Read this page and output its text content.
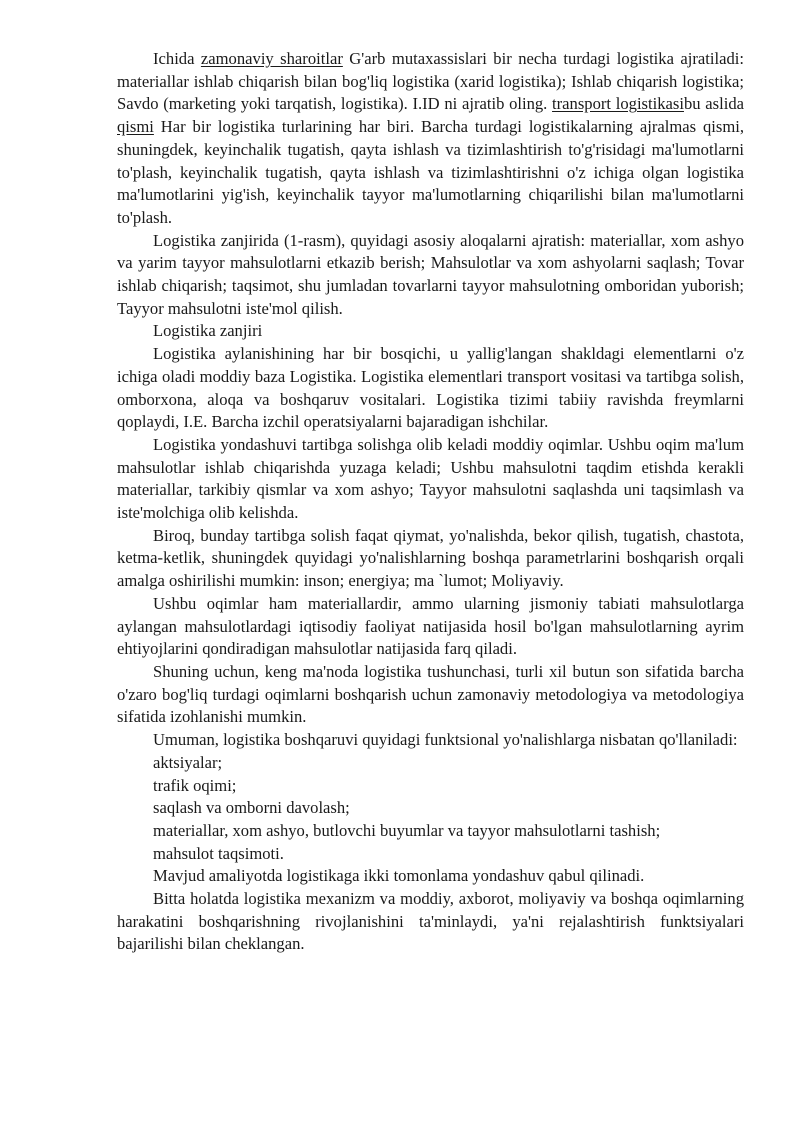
Ichida zamonaviy sharoitlar G'arb mutaxassislari bir necha turdagi logistika ajratiladi: materiallar ishlab chiqarish bilan bog'liq logistika (xarid logistika); Ishlab chiqarish logistika; Savdo (marketing yoki tarqatish, logistika). I.ID ni ajratib oling. transport logistikasibu aslida qismi Har bir logistika turlarining har biri. Barcha turdagi logistikalarning ajralmas qismi, shuningdek, keyinchalik tugatish, qayta ishlash va tizimlashtirish to'g'risidagi ma'lumotlarni to'plash, keyinchalik tugatish, qayta ishlash va tizimlashtirishni o'z ichiga olgan logistika ma'lumotlarini yig'ish, keyinchalik tayyor ma'lumotlarning chiqarilishi bilan ma'lumotlarni to'plash.

Logistika zanjirida (1-rasm), quyidagi asosiy aloqalarni ajratish: materiallar, xom ashyo va yarim tayyor mahsulotlarni etkazib berish; Mahsulotlar va xom ashyolarni saqlash; Tovar ishlab chiqarish; taqsimot, shu jumladan tovarlarni tayyor mahsulotning omboridan yuborish; Tayyor mahsulotni iste'mol qilish.

Logistika zanjiri

Logistika aylanishining har bir bosqichi, u yallig'langan shakldagi elementlarni o'z ichiga oladi moddiy baza Logistika. Logistika elementlari transport vositasi va tartibga solish, omborxona, aloqa va boshqaruv vositalari. Logistika tizimi tabiiy ravishda freymlarni qoplaydi, I.E. Barcha izchil operatsiyalarni bajaradigan ishchilar.

Logistika yondashuvi tartibga solishga olib keladi moddiy oqimlar. Ushbu oqim ma'lum mahsulotlar ishlab chiqarishda yuzaga keladi; Ushbu mahsulotni taqdim etishda kerakli materiallar, tarkibiy qismlar va xom ashyo; Tayyor mahsulotni saqlashda uni taqsimlash va iste'molchiga olib kelishda.

Biroq, bunday tartibga solish faqat qiymat, yo'nalishda, bekor qilish, tugatish, chastota, ketma-ketlik, shuningdek quyidagi yo'nalishlarning boshqa parametrlarini boshqarish orqali amalga oshirilishi mumkin: inson; energiya; ma `lumot; Moliyaviy.

Ushbu oqimlar ham materiallardir, ammo ularning jismoniy tabiati mahsulotlarga aylangan mahsulotlardagi iqtisodiy faoliyat natijasida hosil bo'lgan mahsulotlarning ayrim ehtiyojlarini qondiradigan mahsulotlar natijasida farq qiladi.

Shuning uchun, keng ma'noda logistika tushunchasi, turli xil butun son sifatida barcha o'zaro bog'liq turdagi oqimlarni boshqarish uchun zamonaviy metodologiya va metodologiya sifatida izohlanishi mumkin.

Umuman, logistika boshqaruvi quyidagi funktsional yo'nalishlarga nisbatan qo'llaniladi:

aktsiyalar;

trafik oqimi;

saqlash va omborni davolash;

materiallar, xom ashyo, butlovchi buyumlar va tayyor mahsulotlarni tashish;

mahsulot taqsimoti.

Mavjud amaliyotda logistikaga ikki tomonlama yondashuv qabul qilinadi.

Bitta holatda logistika mexanizm va moddiy, axborot, moliyaviy va boshqa oqimlarning harakatini boshqarishning rivojlanishini ta'minlaydi, ya'ni rejalashtirish funktsiyalari bajarilishi bilan cheklangan.
